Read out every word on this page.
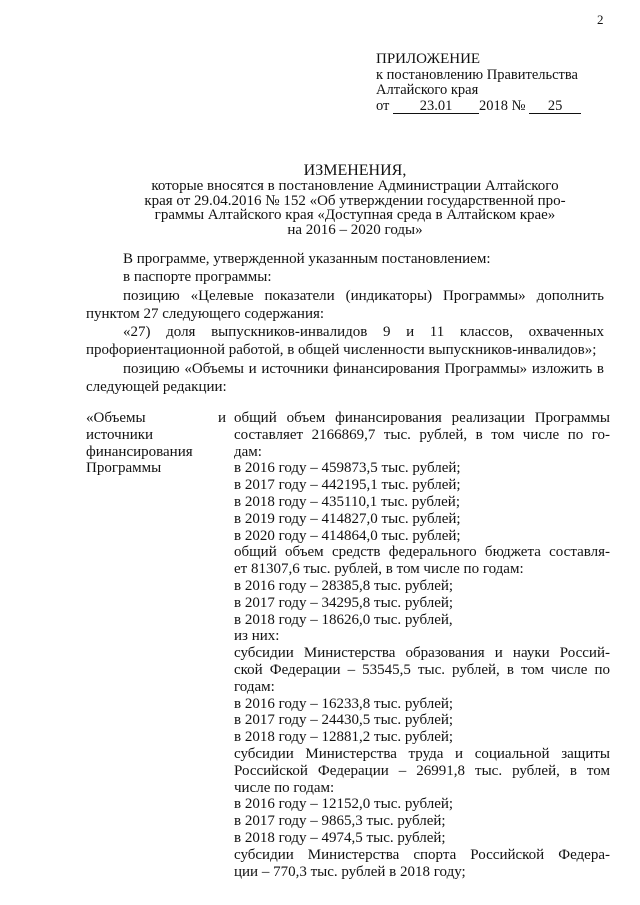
2
ПРИЛОЖЕНИЕ
к постановлению Правительства
Алтайского края
от 23.01 2018 № 25
ИЗМЕНЕНИЯ,
которые вносятся в постановление Администрации Алтайского
края от 29.04.2016 № 152 «Об утверждении государственной про-
граммы Алтайского края «Доступная среда в Алтайском крае»
на 2016 – 2020 годы»

В программе, утвержденной указанным постановлением:

в паспорте программы:

позицию «Целевые показатели (индикаторы) Программы» дополнить пунктом 27 следующего содержания:

«27) доля выпускников-инвалидов 9 и 11 классов, охваченных профориентационной работой, в общей численности выпускников-инвалидов»;

позицию «Объемы и источники финансирования Программы» изложить в следующей редакции:

«Объемы и источники финансирования Программы
общий объем финансирования реализации Программы
составляет 2166869,7 тыс. рублей, в том числе по го-
дам:
в 2016 году – 459873,5 тыс. рублей;
в 2017 году – 442195,1 тыс. рублей;
в 2018 году – 435110,1 тыс. рублей;
в 2019 году – 414827,0 тыс. рублей;
в 2020 году – 414864,0 тыс. рублей;
общий объем средств федерального бюджета составля-
ет 81307,6 тыс. рублей, в том числе по годам:
в 2016 году – 28385,8 тыс. рублей;
в 2017 году – 34295,8 тыс. рублей;
в 2018 году – 18626,0 тыс. рублей,
из них:
субсидии Министерства образования и науки Россий-
ской Федерации – 53545,5 тыс. рублей, в том числе по
годам:
в 2016 году – 16233,8 тыс. рублей;
в 2017 году – 24430,5 тыс. рублей;
в 2018 году – 12881,2 тыс. рублей;
субсидии Министерства труда и социальной защиты
Российской Федерации – 26991,8 тыс. рублей, в том
числе по годам:
в 2016 году – 12152,0 тыс. рублей;
в 2017 году – 9865,3 тыс. рублей;
в 2018 году – 4974,5 тыс. рублей;
субсидии Министерства спорта Российской Федера-
ции – 770,3 тыс. рублей в 2018 году;
